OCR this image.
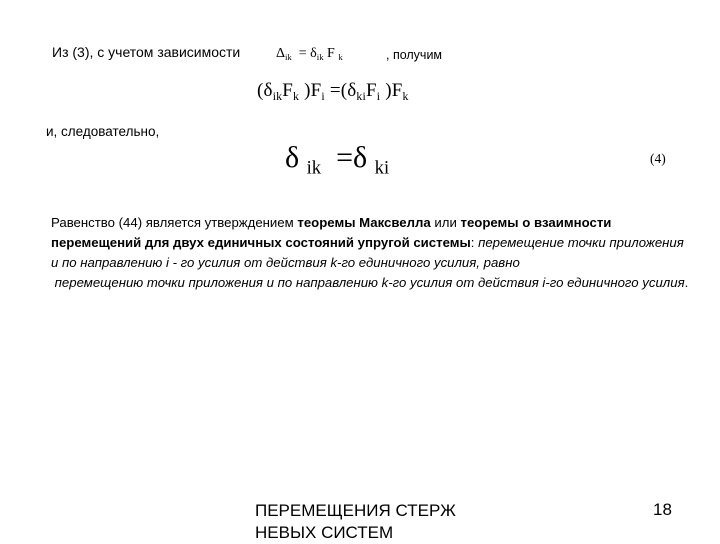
Из (3), с учетом зависимости	$\Delta_{ik} = \delta_{ik}$ F $_k$	, получим
($\delta_{ik}F_k$ )$F_i =(\delta_{ki}F_i$ )$F_k$
и, следовательно,
δ $_{ik}$ =δ $_{ki}$	(4)
Равенство (44) является утверждением теоремы Максвелла или теоремы о взаимности перемещений для двух единичных состояний упругой системы: перемещение точки приложения и по направлению i - го усилия от действия k-го единичного усилия, равно
перемещению точки приложения и по направлению k-го усилия от действия i-го единичного усилия.
ПЕРЕМЕЩЕНИЯ СТЕРЖ НЕВЫХ СИСТЕМ
18
